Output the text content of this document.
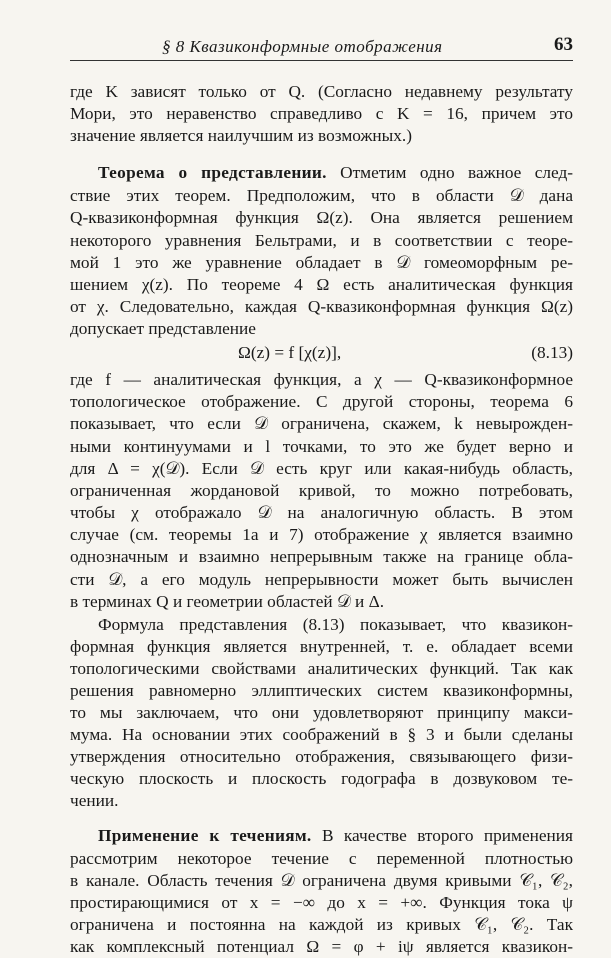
§ 8 Квазиконформные отображения	63
где K зависят только от Q. (Согласно недавнему результату
Мори, это неравенство справедливо с K = 16, причем это
значение является наилучшим из возможных.)
Теорема о представлении. Отметим одно важное след-
ствие этих теорем. Предположим, что в области 𝒟 дана
Q-квазиконформная функция Ω(z). Она является решением
некоторого уравнения Бельтрами, и в соответствии с теоре-
мой 1 это же уравнение обладает в 𝒟 гомеоморфным ре-
шением χ(z). По теореме 4 Ω есть аналитическая функция
от χ. Следовательно, каждая Q-квазиконформная функция Ω(z)
допускает представление
Ω(z) = f [χ(z)],	(8.13)
где f — аналитическая функция, а χ — Q-квазиконформное
топологическое отображение. С другой стороны, теорема 6
показывает, что если 𝒟 ограничена, скажем, k невырожден-
ными континуумами и l точками, то это же будет верно и
для Δ = χ(𝒟). Если 𝒟 есть круг или какая-нибудь область,
ограниченная жордановой кривой, то можно потребовать,
чтобы χ отображало 𝒟 на аналогичную область. В этом
случае (см. теоремы 1а и 7) отображение χ является взаимно
однозначным и взаимно непрерывным также на границе обла-
сти 𝒟, а его модуль непрерывности может быть вычислен
в терминах Q и геометрии областей 𝒟 и Δ.
Формула представления (8.13) показывает, что квазикон-
формная функция является внутренней, т. е. обладает всеми
топологическими свойствами аналитических функций. Так как
решения равномерно эллиптических систем квазиконформны,
то мы заключаем, что они удовлетворяют принципу макси-
мума. На основании этих соображений в § 3 и были сделаны
утверждения относительно отображения, связывающего физи-
ческую плоскость и плоскость годографа в дозвуковом те-
чении.
Применение к течениям. В качестве второго применения
рассмотрим некоторое течение с переменной плотностью
в канале. Область течения 𝒟 ограничена двумя кривыми 𝒞₁, 𝒞₂,
простирающимися от x = −∞ до x = +∞. Функция тока ψ
ограничена и постоянна на каждой из кривых 𝒞₁, 𝒞₂. Так
как комплексный потенциал Ω = φ + iψ является квазикон-
